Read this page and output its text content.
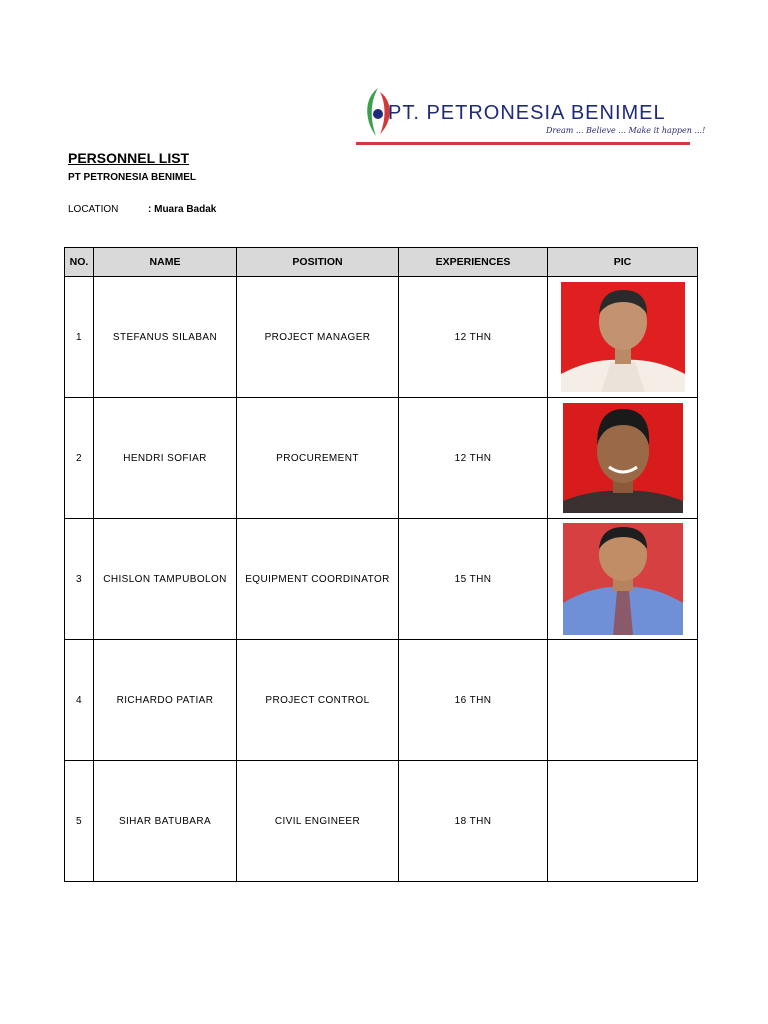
PT. PETRONESIA BENIMEL
Dream ... Believe ... Make it happen ...!
PERSONNEL LIST
PT PETRONESIA BENIMEL
LOCATION	: Muara Badak
NO.	NAME	POSITION	EXPERIENCES	PIC
1	STEFANUS SILABAN	PROJECT MANAGER	12 THN	

2	HENDRI SOFIAR	PROCUREMENT	12 THN	

3	CHISLON TAMPUBOLON	EQUIPMENT COORDINATOR	15 THN	

4	RICHARDO PATIAR	PROJECT CONTROL	16 THN	
5	SIHAR BATUBARA	CIVIL ENGINEER	18 THN	
